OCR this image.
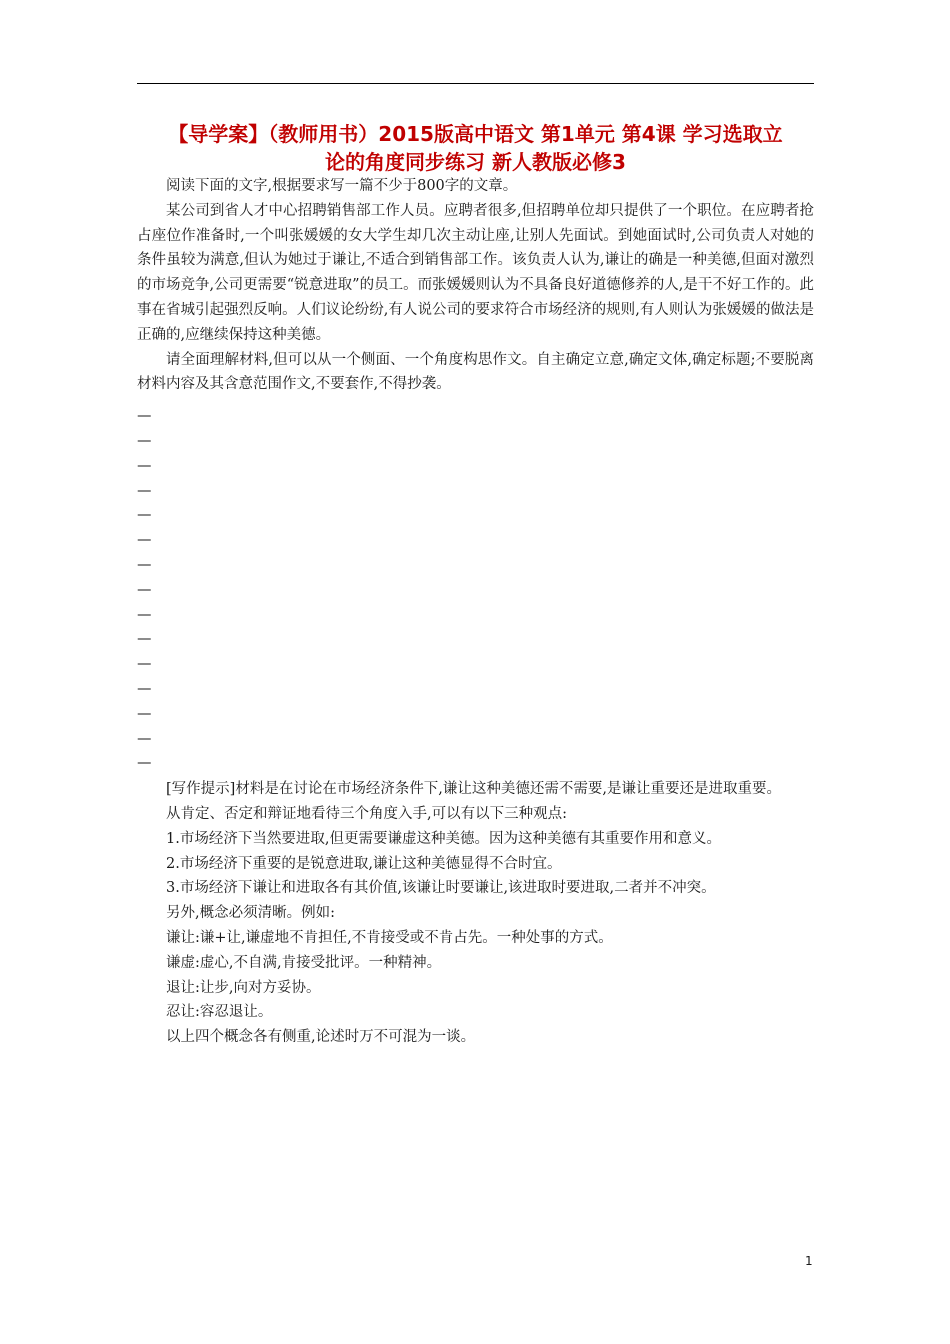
【导学案】（教师用书）2015版高中语文 第1单元 第4课 学习选取立
论的角度同步练习 新人教版必修3

阅读下面的文字,根据要求写一篇不少于800字的文章。

某公司到省人才中心招聘销售部工作人员。应聘者很多,但招聘单位却只提供了一个职位。在应聘者抢占座位作准备时,一个叫张媛媛的女大学生却几次主动让座,让别人先面试。到她面试时,公司负责人对她的条件虽较为满意,但认为她过于谦让,不适合到销售部工作。该负责人认为,谦让的确是一种美德,但面对激烈的市场竞争,公司更需要“锐意进取”的员工。而张媛媛则认为不具备良好道德修养的人,是干不好工作的。此事在省城引起强烈反响。人们议论纷纷,有人说公司的要求符合市场经济的规则,有人则认为张媛媛的做法是正确的,应继续保持这种美德。

请全面理解材料,但可以从一个侧面、一个角度构思作文。自主确定立意,确定文体,确定标题;不要脱离材料内容及其含意范围作文,不要套作,不得抄袭。

—
—
—
—
—
—
—
—
—
—
—
—
—
—
—

[写作提示]材料是在讨论在市场经济条件下,谦让这种美德还需不需要,是谦让重要还是进取重要。

从肯定、否定和辩证地看待三个角度入手,可以有以下三种观点:

1.市场经济下当然要进取,但更需要谦虚这种美德。因为这种美德有其重要作用和意义。

2.市场经济下重要的是锐意进取,谦让这种美德显得不合时宜。

3.市场经济下谦让和进取各有其价值,该谦让时要谦让,该进取时要进取,二者并不冲突。

另外,概念必须清晰。例如:

谦让:谦+让,谦虚地不肯担任,不肯接受或不肯占先。一种处事的方式。

谦虚:虚心,不自满,肯接受批评。一种精神。

退让:让步,向对方妥协。

忍让:容忍退让。

以上四个概念各有侧重,论述时万不可混为一谈。

1
